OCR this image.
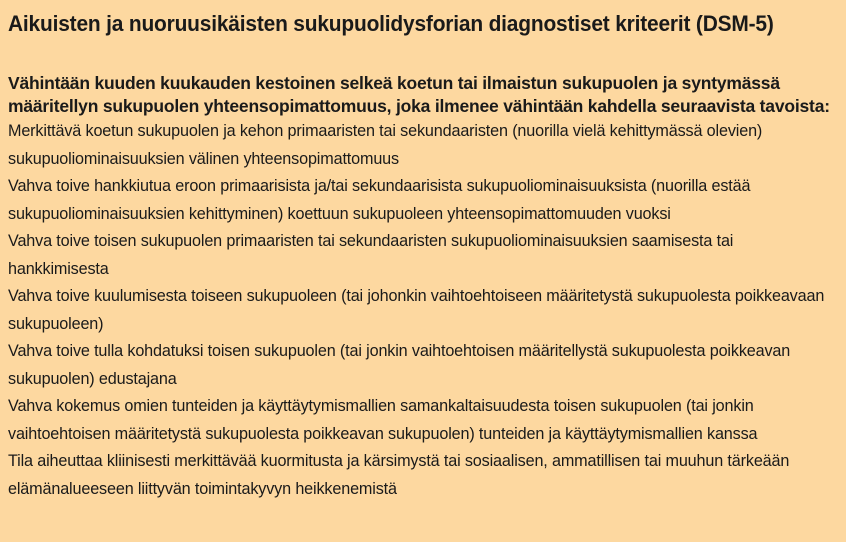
Aikuisten ja nuoruusikäisten sukupuolidysforian diagnostiset kriteerit (DSM-5)

Vähintään kuuden kuukauden kestoinen selkeä koetun tai ilmaistun sukupuolen ja syntymässä määritellyn sukupuolen yhteensopimattomuus, joka ilmenee vähintään kahdella seuraavista tavoista:

Merkittävä koetun sukupuolen ja kehon primaaristen tai sekundaaristen (nuorilla vielä kehittymässä olevien) sukupuoliominaisuuksien välinen yhteensopimattomuus
Vahva toive hankkiutua eroon primaarisista ja/tai sekundaarisista sukupuoliominaisuuksista (nuorilla estää sukupuoliominaisuuksien kehittyminen) koettuun sukupuoleen yhteensopimattomuuden vuoksi
Vahva toive toisen sukupuolen primaaristen tai sekundaaristen sukupuoliominaisuuksien saamisesta tai hankkimisesta
Vahva toive kuulumisesta toiseen sukupuoleen (tai johonkin vaihtoehtoiseen määritetystä sukupuolesta poikkeavaan sukupuoleen)
Vahva toive tulla kohdatuksi toisen sukupuolen (tai jonkin vaihtoehtoisen määritellystä sukupuolesta poikkeavan sukupuolen) edustajana
Vahva kokemus omien tunteiden ja käyttäytymismallien samankaltaisuudesta toisen sukupuolen (tai jonkin vaihtoehtoisen määritetystä sukupuolesta poikkeavan sukupuolen) tunteiden ja käyttäytymismallien kanssa
Tila aiheuttaa kliinisesti merkittävää kuormitusta ja kärsimystä tai sosiaalisen, ammatillisen tai muuhun tärkeään elämänalueeseen liittyvän toimintakyvyn heikkenemistä
